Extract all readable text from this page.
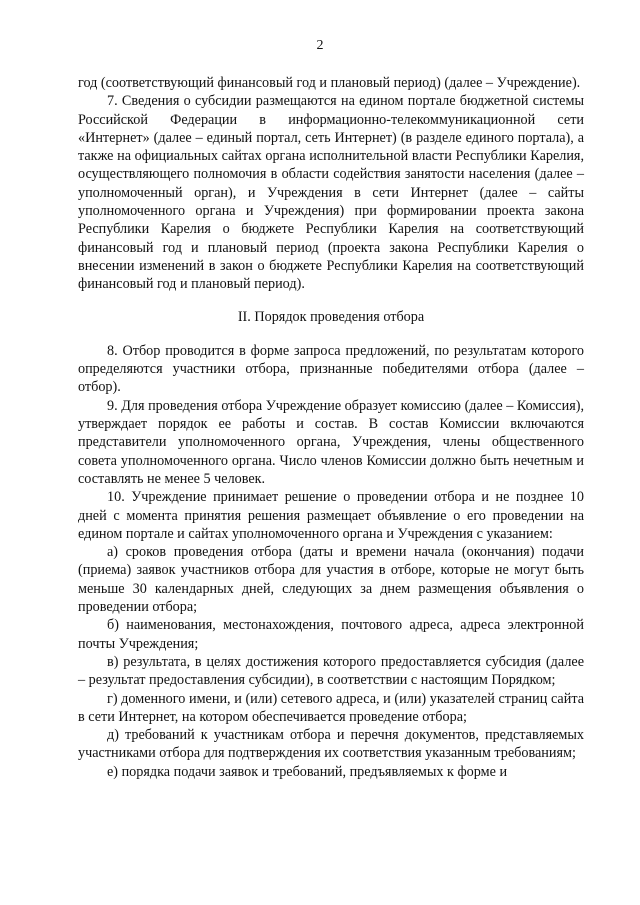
2

год (соответствующий финансовый год и плановый период) (далее – Учреждение).

7. Сведения о субсидии размещаются на едином портале бюджетной системы Российской Федерации в информационно-телекоммуникационной сети «Интернет» (далее – единый портал, сеть Интернет) (в разделе единого портала), а также на официальных сайтах органа исполнительной власти Республики Карелия, осуществляющего полномочия в области содействия занятости населения (далее – уполномоченный орган), и Учреждения в сети Интернет (далее – сайты уполномоченного органа и Учреждения) при формировании проекта закона Республики Карелия о бюджете Республики Карелия на соответствующий финансовый год и плановый период (проекта закона Республики Карелия о внесении изменений в закон о бюджете Республики Карелия на соответствующий финансовый год и плановый период).

II. Порядок проведения отбора

8. Отбор проводится в форме запроса предложений, по результатам которого определяются участники отбора, признанные победителями отбора (далее – отбор).

9. Для проведения отбора Учреждение образует комиссию (далее – Комиссия), утверждает порядок ее работы и состав. В состав Комиссии включаются представители уполномоченного органа, Учреждения, члены общественного совета уполномоченного органа. Число членов Комиссии должно быть нечетным и составлять не менее 5 человек.

10. Учреждение принимает решение о проведении отбора и не позднее 10 дней с момента принятия решения размещает объявление о его проведении на едином портале и сайтах уполномоченного органа и Учреждения с указанием:

а) сроков проведения отбора (даты и времени начала (окончания) подачи (приема) заявок участников отбора для участия в отборе, которые не могут быть меньше 30 календарных дней, следующих за днем размещения объявления о проведении отбора;

б) наименования, местонахождения, почтового адреса, адреса электронной почты Учреждения;

в) результата, в целях достижения которого предоставляется субсидия (далее – результат предоставления субсидии), в соответствии с настоящим Порядком;

г) доменного имени, и (или) сетевого адреса, и (или) указателей страниц сайта в сети Интернет, на котором обеспечивается проведение отбора;

д) требований к участникам отбора и перечня документов, представляемых участниками отбора для подтверждения их соответствия указанным требованиям;

е) порядка подачи заявок и требований, предъявляемых к форме и
